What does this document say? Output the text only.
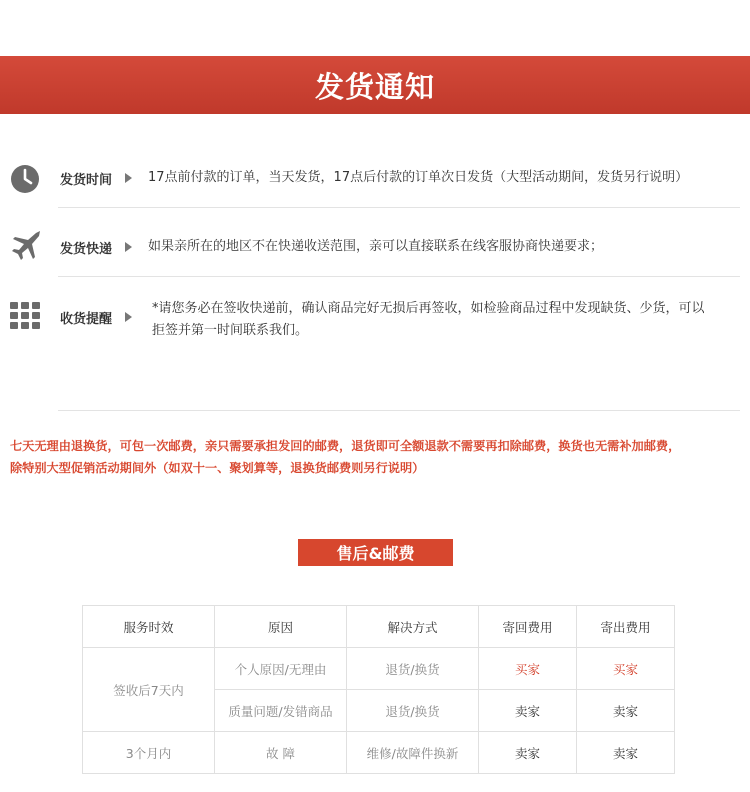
发货通知
发货时间	17点前付款的订单，当天发货，17点后付款的订单次日发货（大型活动期间，发货另行说明）
发货快递	如果亲所在的地区不在快递收送范围，亲可以直接联系在线客服协商快递要求；
收货提醒
*请您务必在签收快递前，确认商品完好无损后再签收，如检验商品过程中发现缺货、少货，可以
拒签并第一时间联系我们。
七天无理由退换货，可包一次邮费，亲只需要承担发回的邮费，退货即可全额退款不需要再扣除邮费，换货也无需补加邮费，
除特别大型促销活动期间外（如双十一、聚划算等，退换货邮费则另行说明）
售后&邮费
服务时效	原因	解决方式	寄回费用	寄出费用
签收后7天内	个人原因/无理由	退货/换货	买家	买家
	质量问题/发错商品	退货/换货	卖家	卖家
3个月内	故 障	维修/故障件换新	卖家	卖家
